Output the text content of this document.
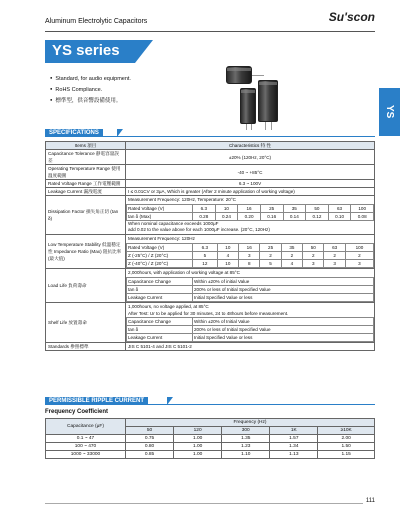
Aluminum Electrolytic Capacitors	Su'scon
YS series
● Standard, for audio equipment.
● RoHS Compliance.
● 標準型，供音響設備使用。
YS
SPECIFICATIONS
Items 項目	Characteristics 特 性
Capacitance Tolerance 靜電容量誤差	±20% (120Hz, 20°C)
Operating Temperature Range 使用溫度範圍	-40 ~ +85°C
Rated Voltage Range 工作電壓範圍	6.3 ~ 100V
Leakage Current 漏洩電流	I ≤ 0.01CV or 3μA, Which is greater (After 2 minute application of working voltage)
Dissipation Factor 損失角正切 (tan δ)	
Measurement Frequency: 120Hz, Temperature: 20°C
Rated Voltage (V)	6.3	10	16	25	35	50	63	100
tan δ (Max)	0.28	0.24	0.20	0.16	0.14	0.12	0.10	0.08
When nominal capacitance exceeds 1000μF
add 0.02 to the value above for each 1000μF increase. (20°C, 120Hz)

Low Temperature Stability 低溫穩定性 Impedance Ratio (Max) 阻抗比率 (最大值)	
Measurement Frequency: 120Hz
Rated Voltage (V)	6.3	10	16	25	35	50	63	100
Z (-25°C) / Z (20°C)	5	4	3	2	2	2	2	2
Z (-40°C) / Z (20°C)	12	10	8	5	4	3	3	3

Load Life 負荷壽命	
2,000hours, with application of working voltage at 85°C
Capacitance Change	Within ±20% of initial Value
tan δ	200% or less of Initial Specified Value
Leakage Current	Initial Specified Value or less

Shelf Life 放置壽命	
1,000hours, no voltage applied, at 85°C
After Test: Ur to be applied for 30 minutes, 24 to 48hours before measurement.
Capacitance Change	Within ±20% of Initial Value
tan δ	200% or less of Initial Specified Value
Leakage Current	Initial Specified Value or less

Standards 參照標準	JIS C 5101-4 and JIS C 5101-2
PERMISSIBLE RIPPLE CURRENT
Frequency Coefficient
Capacitance (μF)	Frequency (Hz)				
	50	120	300	1K	≥10K
0.1 ~ 47	0.75	1.00	1.35	1.57	2.00
100 ~ 470	0.80	1.00	1.23	1.34	1.50
1000 ~ 33000	0.85	1.00	1.10	1.13	1.15
111
